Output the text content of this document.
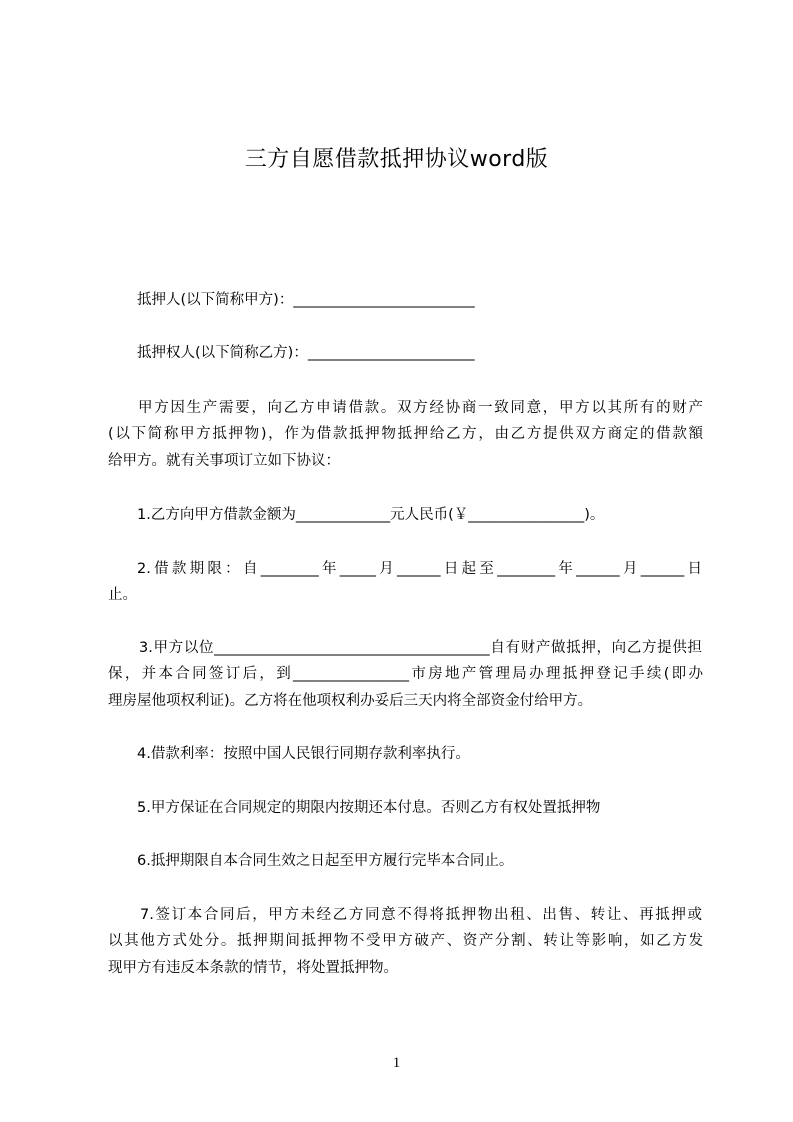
三方自愿借款抵押协议word版
抵押人(以下简称甲方)：_________________________
抵押权人(以下简称乙方)：_______________________
甲方因生产需要，向乙方申请借款。双方经协商一致同意，甲方以其所有的财产
(以下简称甲方抵押物)，作为借款抵押物抵押给乙方，由乙方提供双方商定的借款額
给甲方。就有关事项订立如下协议：
1.乙方向甲方借款金额为_____________元人民币(￥________________)。
2.借款期限：自________年_____月______日起至________年______月______日
止。
3.甲方以位______________________________________自有财产做抵押，向乙方提供担
保，并本合同签订后，到________________市房地产管理局办理抵押登记手续(即办
理房屋他项权利证)。乙方将在他项权利办妥后三天内将全部资金付给甲方。
4.借款利率：按照中国人民银行同期存款利率执行。
5.甲方保证在合同规定的期限内按期还本付息。否则乙方有权处置抵押物
6.抵押期限自本合同生效之日起至甲方履行完毕本合同止。
7.签订本合同后，甲方未经乙方同意不得将抵押物出租、出售、转让、再抵押或
以其他方式处分。抵押期间抵押物不受甲方破产、资产分割、转让等影响，如乙方发
现甲方有违反本条款的情节，将处置抵押物。
1
